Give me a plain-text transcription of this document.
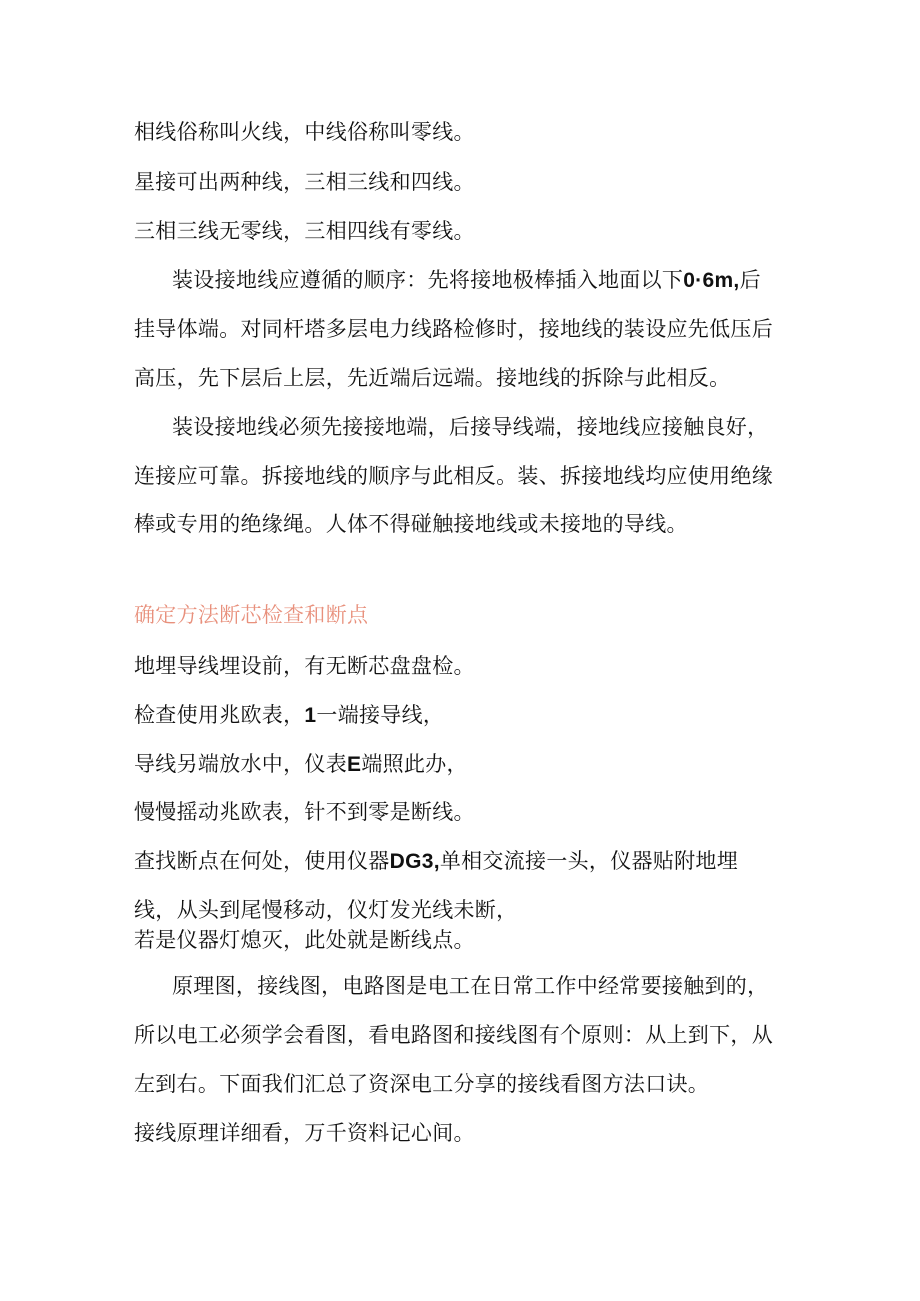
相线俗称叫火线，中线俗称叫零线。

星接可出两种线，三相三线和四线。

三相三线无零线，三相四线有零线。

装设接地线应遵循的顺序：先将接地极棒插入地面以下0·6m,后

挂导体端。对同杆塔多层电力线路检修时，接地线的装设应先低压后

高压，先下层后上层，先近端后远端。接地线的拆除与此相反。

装设接地线必须先接接地端，后接导线端，接地线应接触良好，

连接应可靠。拆接地线的顺序与此相反。装、拆接地线均应使用绝缘

棒或专用的绝缘绳。人体不得碰触接地线或未接地的导线。

确定方法断芯检查和断点

地埋导线埋设前，有无断芯盘盘检。

检查使用兆欧表，1一端接导线，

导线另端放水中，仪表E端照此办，

慢慢摇动兆欧表，针不到零是断线。

查找断点在何处，使用仪器DG3,单相交流接一头，仪器贴附地埋

线，从头到尾慢移动，仪灯发光线未断，

若是仪器灯熄灭，此处就是断线点。

原理图，接线图，电路图是电工在日常工作中经常要接触到的，

所以电工必须学会看图，看电路图和接线图有个原则：从上到下，从

左到右。下面我们汇总了资深电工分享的接线看图方法口诀。

接线原理详细看，万千资料记心间。
